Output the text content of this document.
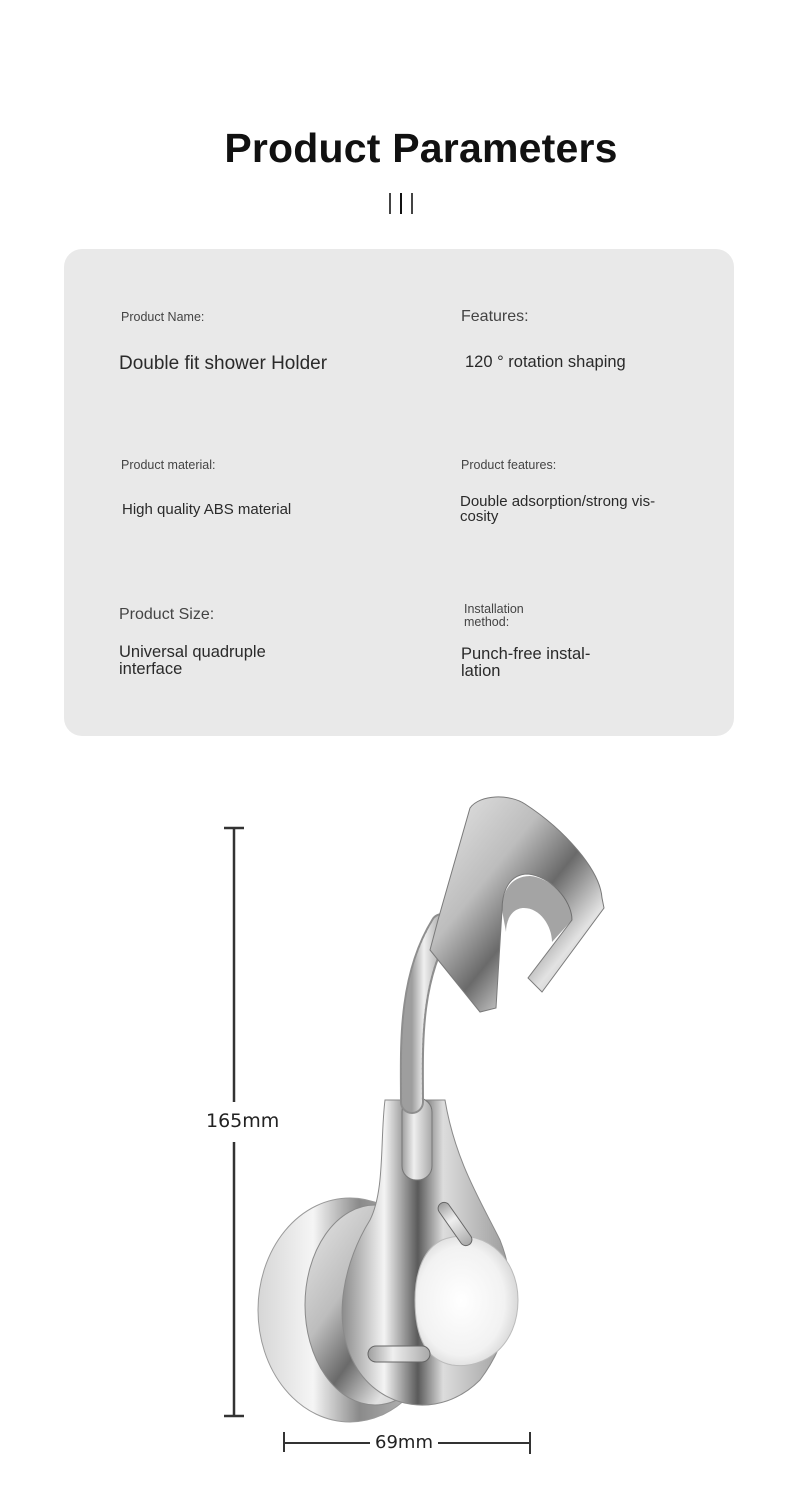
Product Parameters
Product Name:
Double fit shower Holder
Features:
120 ° rotation shaping
Product material:
High quality ABS material
Product features:
Double adsorption/strong vis-
cosity
Product Size:
Universal quadruple
interface
Installation
method:
Punch-free instal-
lation
165mm
69mm
